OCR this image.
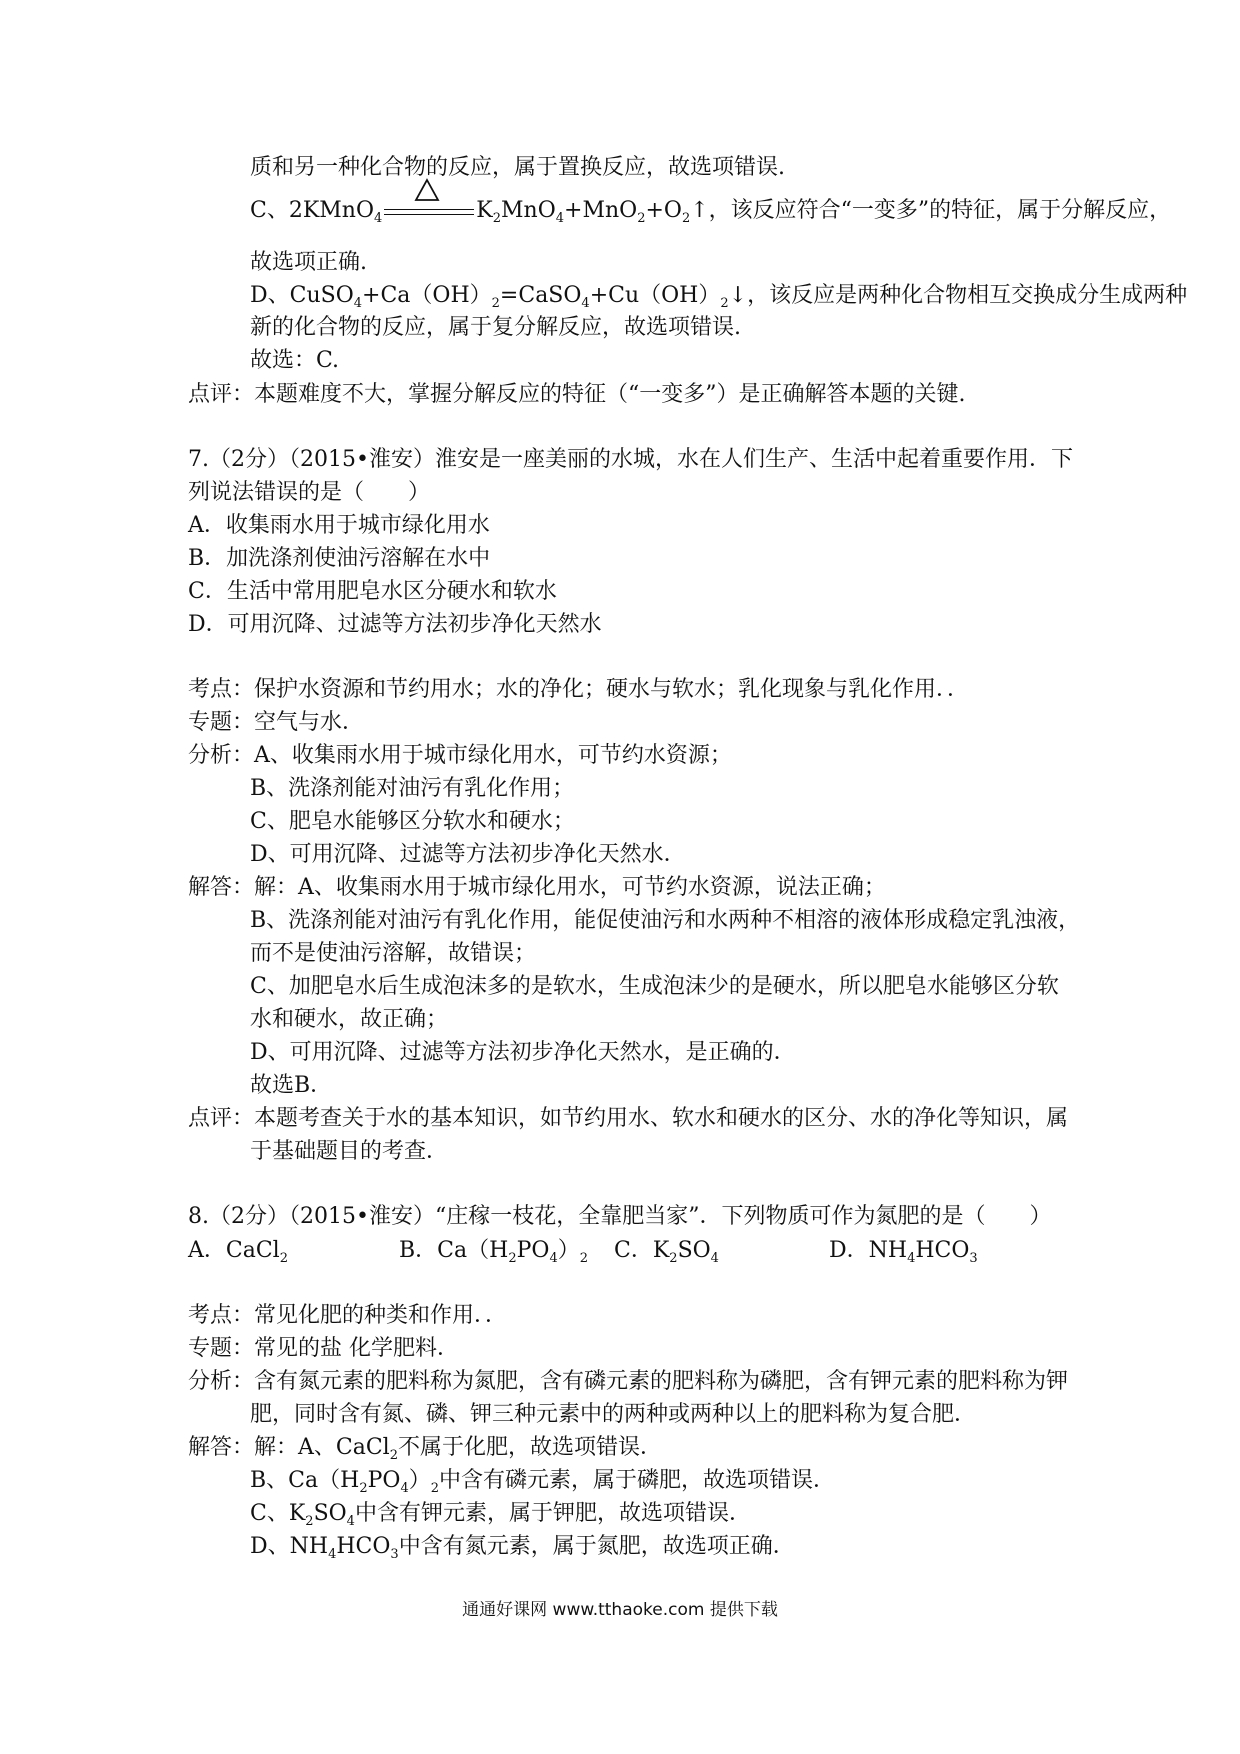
质和另一种化合物的反应，属于置换反应，故选项错误.
C、2KMnO$_4$	$K_2MnO_4+MnO_2+O_2↑$，该反应符合“一变多”的特征，属于分解反应，
故选项正确.
D、$CuSO_4+Ca(OH)_2=CaSO_4+Cu(OH)_2↓$，该反应是两种化合物相互交换成分生成两种
新的化合物的反应，属于复分解反应，故选项错误.
故选：C.
点评：本题难度不大，掌握分解反应的特征（“一变多”）是正确解答本题的关键.
7.（2分）（2015•淮安）淮安是一座美丽的水城，水在人们生产、生活中起着重要作用．下
列说法错误的是（　　）
A．收集雨水用于城市绿化用水
B．加洗涤剂使油污溶解在水中
C．生活中常用肥皂水区分硬水和软水
D．可用沉降、过滤等方法初步净化天然水
考点：保护水资源和节约用水；水的净化；硬水与软水；乳化现象与乳化作用．．
专题：空气与水．
分析：A、收集雨水用于城市绿化用水，可节约水资源；
B、洗涤剂能对油污有乳化作用；
C、肥皂水能够区分软水和硬水；
D、可用沉降、过滤等方法初步净化天然水．
解答：解：A、收集雨水用于城市绿化用水，可节约水资源，说法正确；
B、洗涤剂能对油污有乳化作用，能促使油污和水两种不相溶的液体形成稳定乳浊液，
而不是使油污溶解，故错误；
C、加肥皂水后生成泡沫多的是软水，生成泡沫少的是硬水，所以肥皂水能够区分软
水和硬水，故正确；
D、可用沉降、过滤等方法初步净化天然水，是正确的．
故选B．
点评：本题考查关于水的基本知识，如节约用水、软水和硬水的区分、水的净化等知识，属
于基础题目的考查．
8.（2分）（2015•淮安）“庄稼一枝花，全靠肥当家”．下列物质可作为氮肥的是（　　）
A．CaCl$_2$	B．$Ca(H_2PO_4)_2$ C．$K_2SO_4$	D．$NH_4HCO_3$
考点：常见化肥的种类和作用．．
专题：常见的盐 化学肥料．
分析：含有氮元素的肥料称为氮肥，含有磷元素的肥料称为磷肥，含有钾元素的肥料称为钾
肥，同时含有氮、磷、钾三种元素中的两种或两种以上的肥料称为复合肥．
解答：解：A、CaCl$_2$不属于化肥，故选项错误．
B、$Ca(H_2PO_4)_2$中含有磷元素，属于磷肥，故选项错误．
C、$K_2SO_4$中含有钾元素，属于钾肥，故选项错误．
D、$NH_4HCO_3$中含有氮元素，属于氮肥，故选项正确．
通通好课网 www.tthaoke.com 提供下载
